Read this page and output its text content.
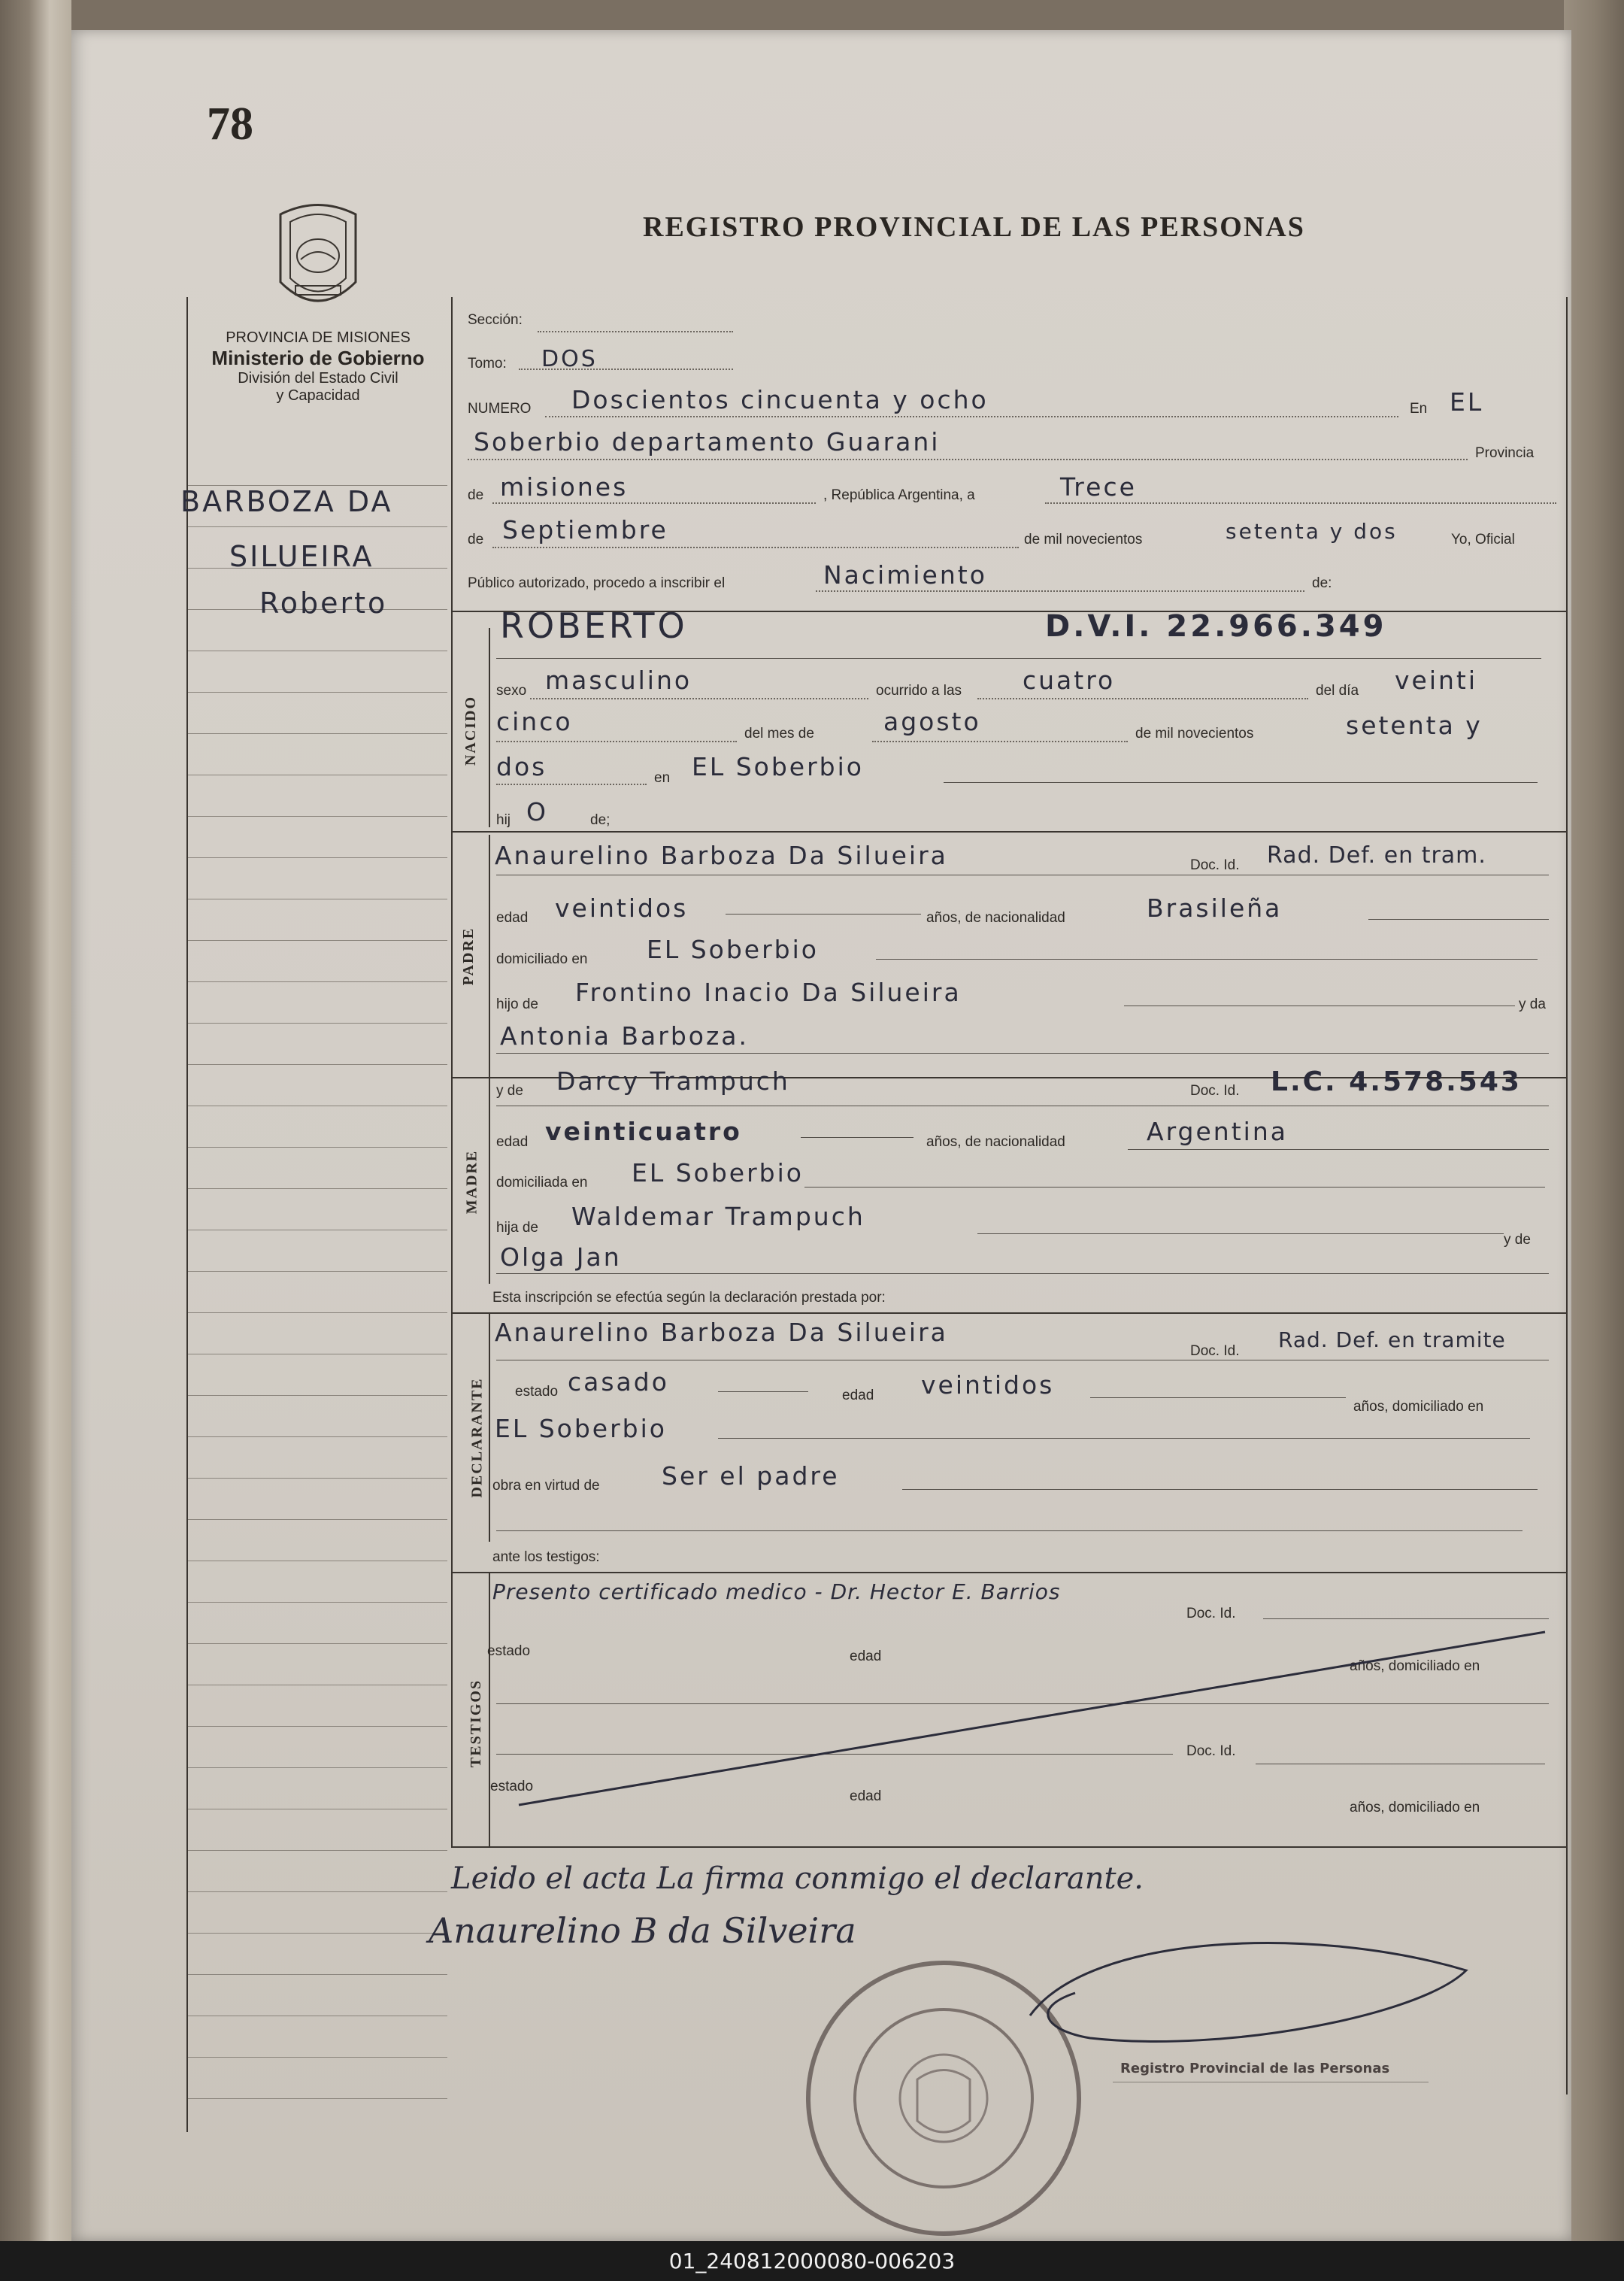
78
REGISTRO PROVINCIAL DE LAS PERSONAS
PROVINCIA DE MISIONES
Ministerio de Gobierno
División del Estado Civil
y Capacidad
BARBOZA DA
SILUEIRA
Roberto
Sección:
Tomo: DOS
NUMERO Doscientos cincuenta y ocho	En EL
Soberbio departamento Guarani	Provincia
de misiones	, República Argentina, a	Trece
de Septiembre	de mil novecientos	setenta y dos	Yo, Oficial
Público autorizado, procedo a inscribir el	Nacimiento	de:
NACIDO
ROBERTO	D.V.I. 22.966.349
sexo masculino	ocurrido a las cuatro	del día veinti
cinco	del mes de	agosto	de mil novecientos	setenta y
dos	en EL Soberbio
hij O	de;
PADRE
Anaurelino Barboza Da Silueira	Doc. Id. Rad. Def. en tram.
edad veintidos	años, de nacionalidad	Brasileña
domiciliado en EL Soberbio
hijo de Frontino Inacio Da Silueira	y da
Antonia Barboza.
MADRE
y de Darcy Trampuch	Doc. Id. L.C. 4.578.543
edad veinticuatro	años, de nacionalidad	Argentina
domiciliada en EL Soberbio
hija de Waldemar Trampuch
y de
Olga Jan
Esta inscripción se efectúa según la declaración prestada por:
DECLARANTE
Anaurelino Barboza Da Silueira
Doc. Id. Rad. Def. en tramite
estado casado	edad veintidos
años, domiciliado en
EL Soberbio
obra en virtud de Ser el padre
ante los testigos:
TESTIGOS
Presento certificado medico - Dr. Hector E. Barrios
Doc. Id.
estado	edad
años, domiciliado en
Doc. Id.
estado
edad
años, domiciliado en
Leido el acta La firma conmigo el declarante.
Anaurelino B da Silveira
Registro Provincial de las Personas
01_240812000080-006203
